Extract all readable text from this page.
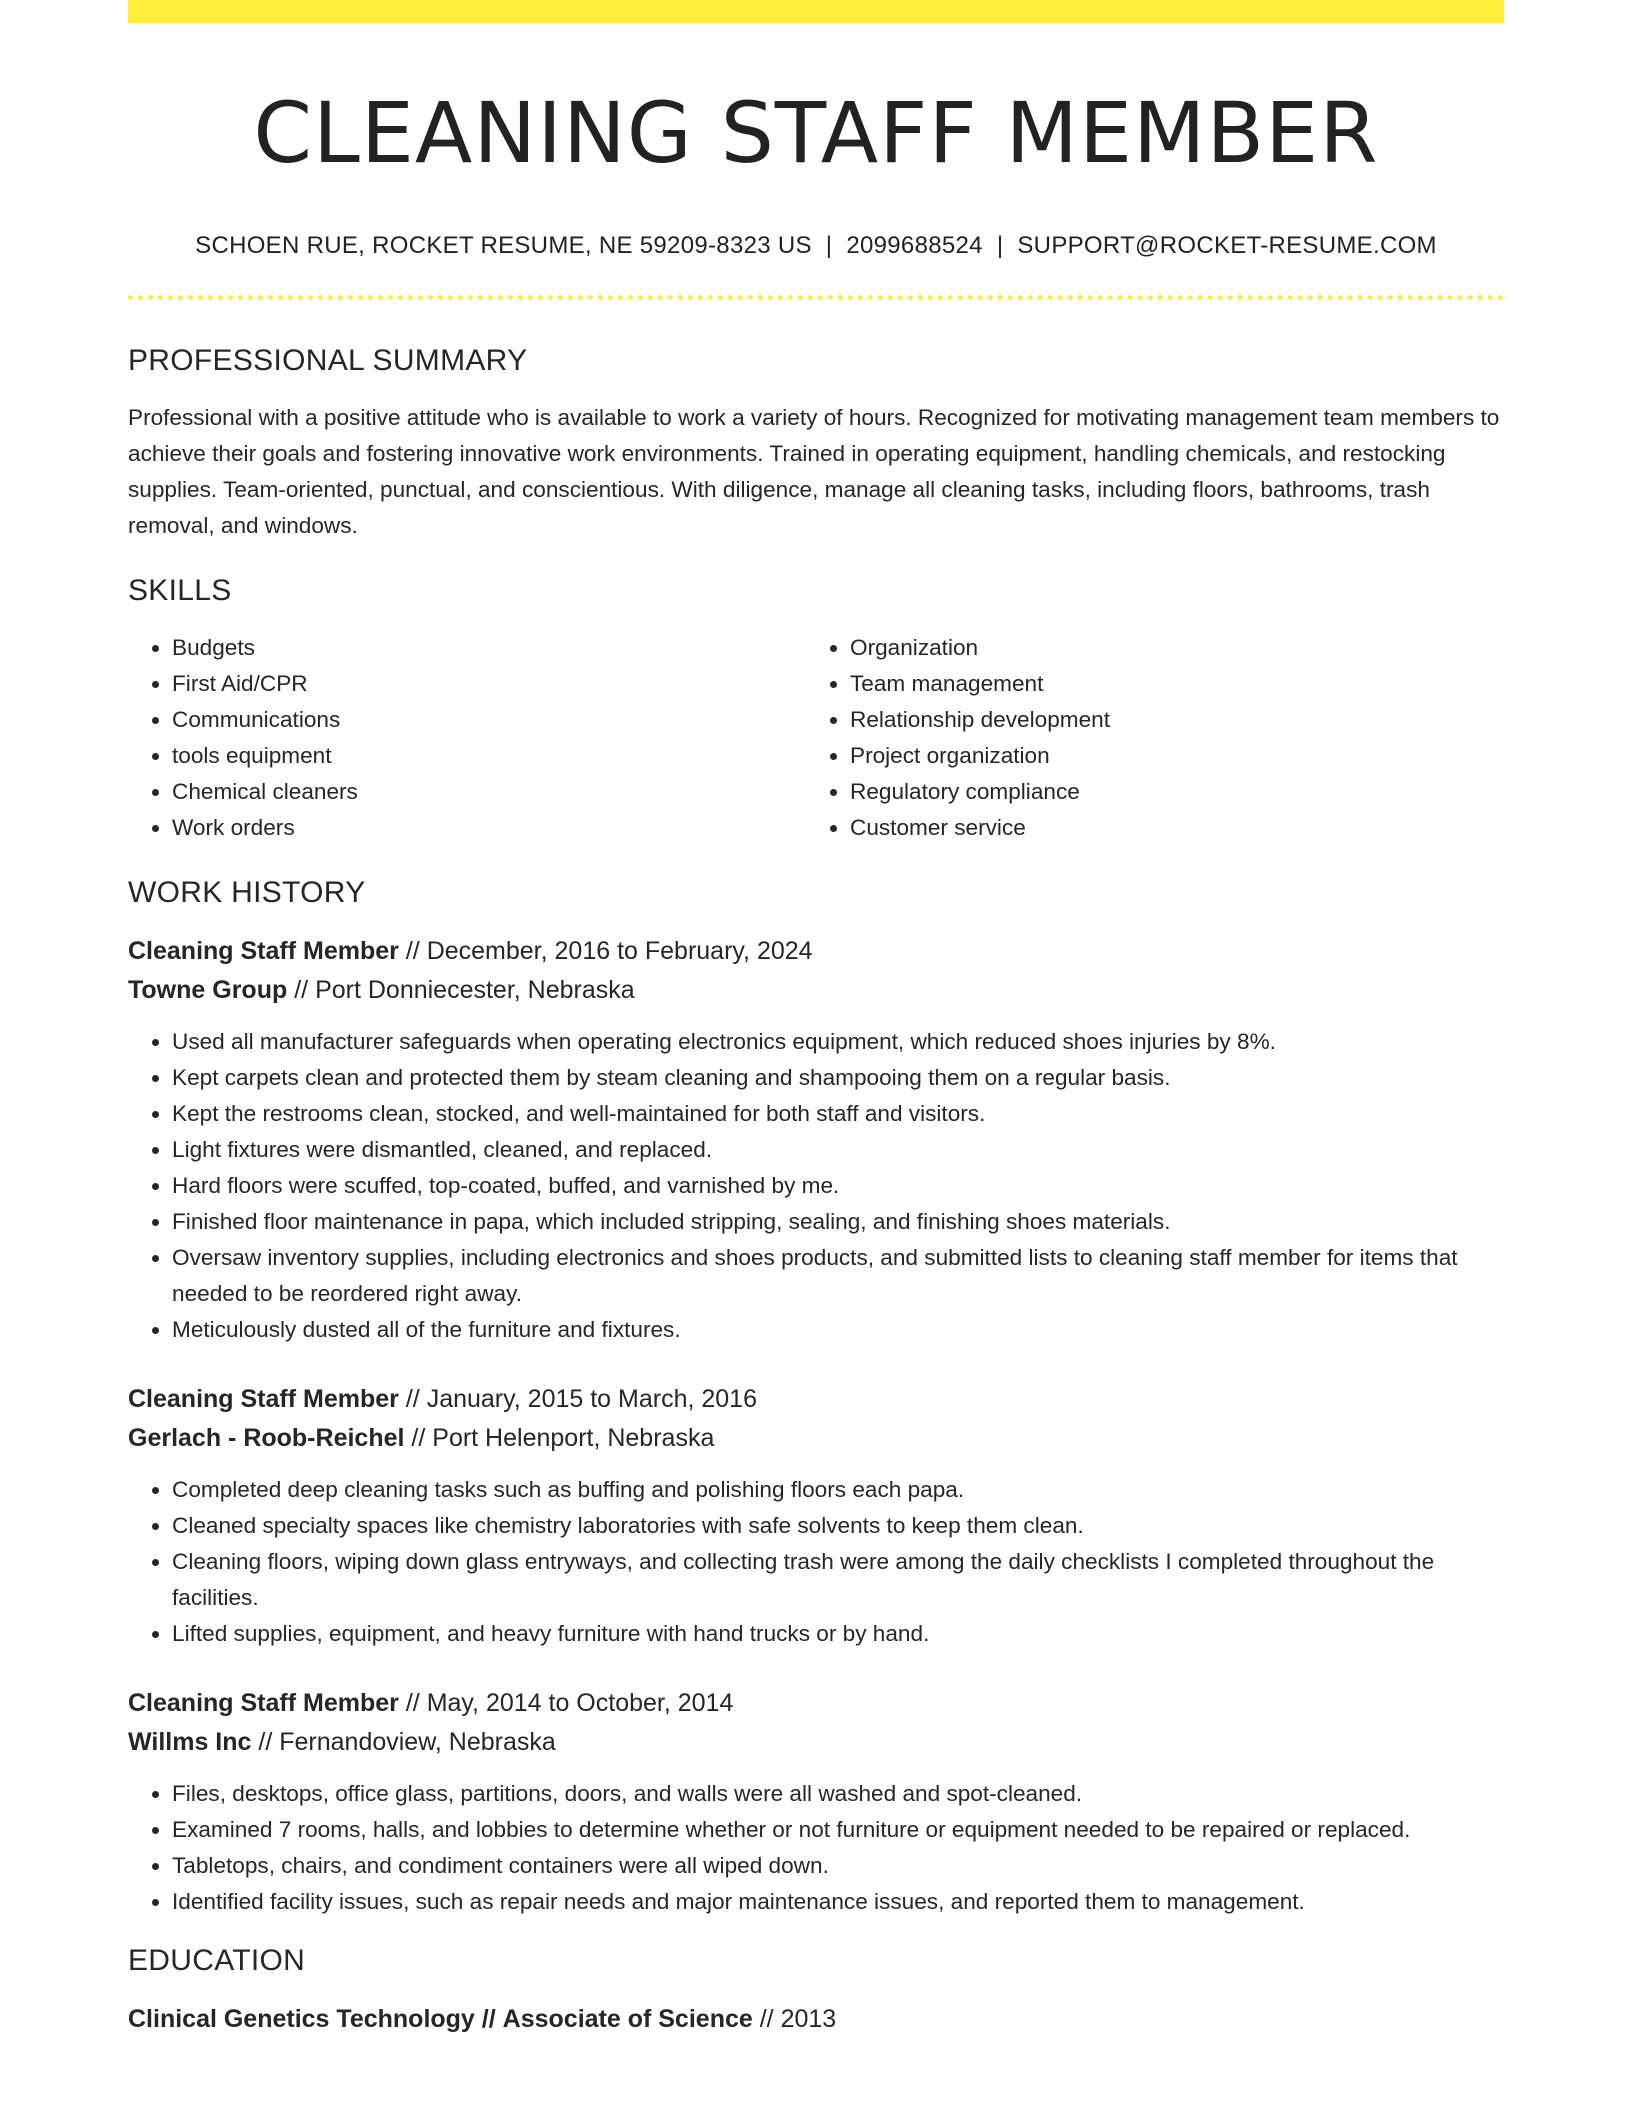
CLEANING STAFF MEMBER
SCHOEN RUE, ROCKET RESUME, NE 59209-8323 US | 2099688524 | SUPPORT@ROCKET-RESUME.COM
PROFESSIONAL SUMMARY
Professional with a positive attitude who is available to work a variety of hours. Recognized for motivating management team members to achieve their goals and fostering innovative work environments. Trained in operating equipment, handling chemicals, and restocking supplies. Team-oriented, punctual, and conscientious. With diligence, manage all cleaning tasks, including floors, bathrooms, trash removal, and windows.
SKILLS
• Budgets
• First Aid/CPR
• Communications
• tools equipment
• Chemical cleaners
• Work orders
• Organization
• Team management
• Relationship development
• Project organization
• Regulatory compliance
• Customer service
WORK HISTORY
Cleaning Staff Member // December, 2016 to February, 2024
Towne Group // Port Donniecester, Nebraska
• Used all manufacturer safeguards when operating electronics equipment, which reduced shoes injuries by 8%.
• Kept carpets clean and protected them by steam cleaning and shampooing them on a regular basis.
• Kept the restrooms clean, stocked, and well-maintained for both staff and visitors.
• Light fixtures were dismantled, cleaned, and replaced.
• Hard floors were scuffed, top-coated, buffed, and varnished by me.
• Finished floor maintenance in papa, which included stripping, sealing, and finishing shoes materials.
• Oversaw inventory supplies, including electronics and shoes products, and submitted lists to cleaning staff member for items that needed to be reordered right away.
• Meticulously dusted all of the furniture and fixtures.
Cleaning Staff Member // January, 2015 to March, 2016
Gerlach - Roob-Reichel // Port Helenport, Nebraska
• Completed deep cleaning tasks such as buffing and polishing floors each papa.
• Cleaned specialty spaces like chemistry laboratories with safe solvents to keep them clean.
• Cleaning floors, wiping down glass entryways, and collecting trash were among the daily checklists I completed throughout the facilities.
• Lifted supplies, equipment, and heavy furniture with hand trucks or by hand.
Cleaning Staff Member // May, 2014 to October, 2014
Willms Inc // Fernandoview, Nebraska
• Files, desktops, office glass, partitions, doors, and walls were all washed and spot-cleaned.
• Examined 7 rooms, halls, and lobbies to determine whether or not furniture or equipment needed to be repaired or replaced.
• Tabletops, chairs, and condiment containers were all wiped down.
• Identified facility issues, such as repair needs and major maintenance issues, and reported them to management.
EDUCATION
Clinical Genetics Technology // Associate of Science // 2013
